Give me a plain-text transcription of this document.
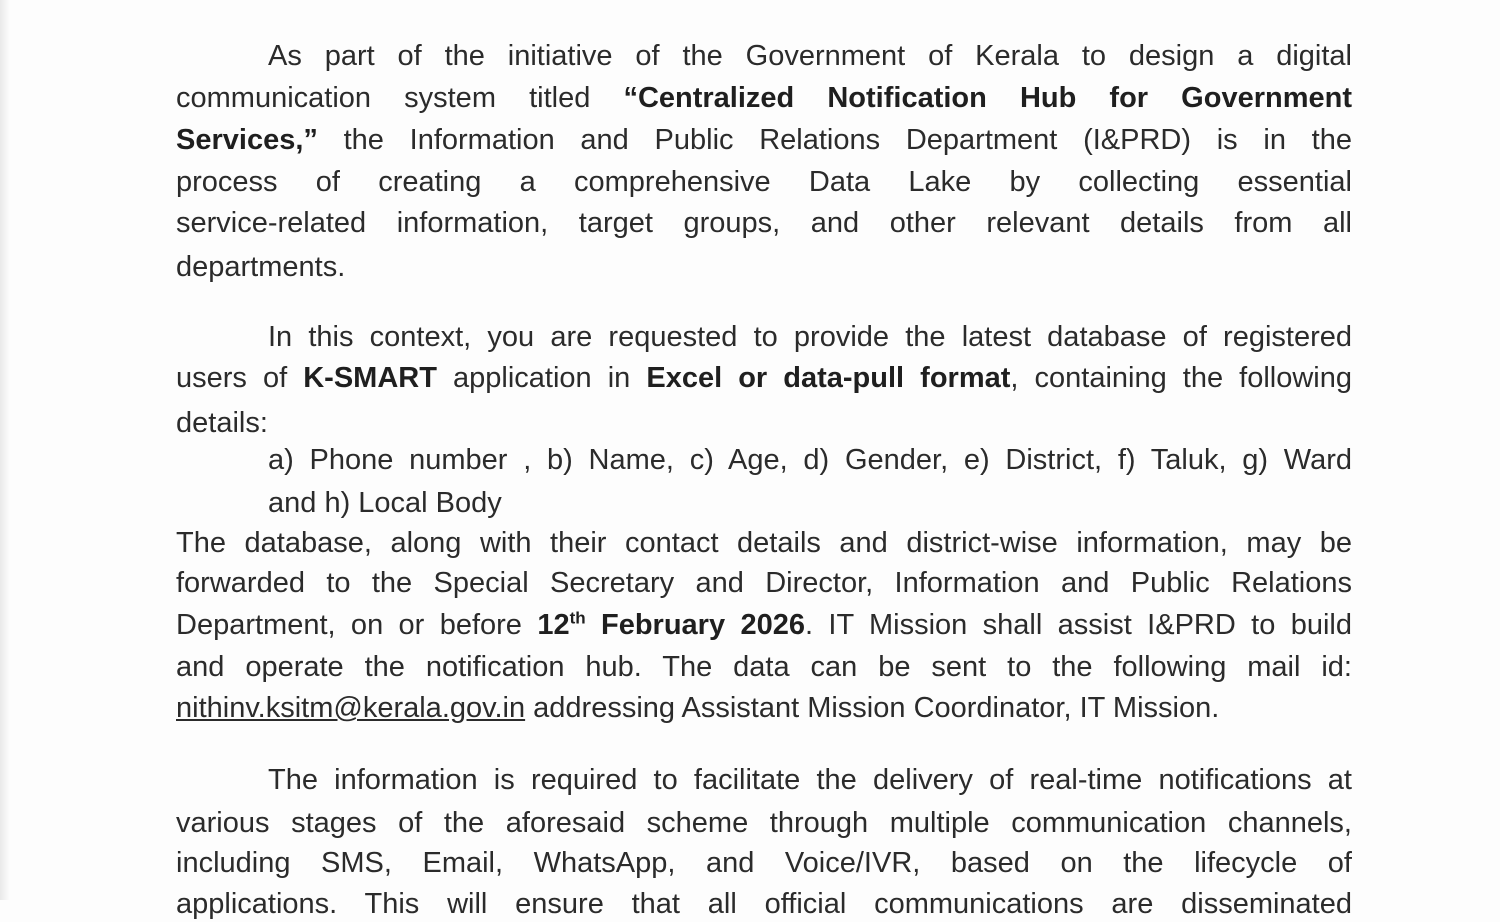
As part of the initiative of the Government of Kerala to design a digital
communication system titled “Centralized Notification Hub for Government
Services,” the Information and Public Relations Department (I&PRD) is in the
process of creating a comprehensive Data Lake by collecting essential
service-related information, target groups, and other relevant details from all
departments.
In this context, you are requested to provide the latest database of registered
users of K-SMART application in Excel or data-pull format, containing the following
details:
a) Phone number , b) Name, c) Age, d) Gender, e) District, f) Taluk, g) Ward
and h) Local Body
The database, along with their contact details and district-wise information, may be
forwarded to the Special Secretary and Director, Information and Public Relations
Department, on or before 12th February 2026. IT Mission shall assist I&PRD to build
and operate the notification hub. The data can be sent to the following mail id:
nithinv.ksitm@kerala.gov.in addressing Assistant Mission Coordinator, IT Mission.
The information is required to facilitate the delivery of real-time notifications at
various stages of the aforesaid scheme through multiple communication channels,
including SMS, Email, WhatsApp, and Voice/IVR, based on the lifecycle of
applications. This will ensure that all official communications are disseminated
